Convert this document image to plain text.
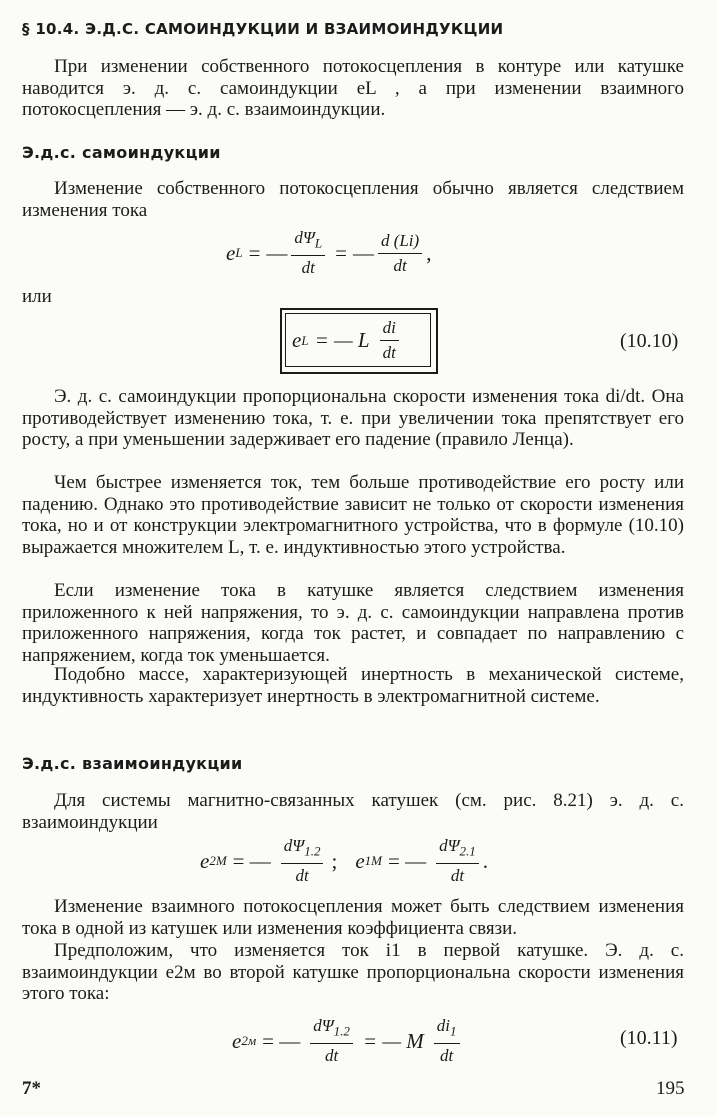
§ 10.4. Э.Д.С. САМОИНДУКЦИИ И ВЗАИМОИНДУКЦИИ
При изменении собственного потокосцепления в контуре или катушке наводится э. д. с. самоиндукции eL , а при изменении взаимного потокосцепления — э. д. с. взаимоиндукции.
Э.д.с. самоиндукции
Изменение собственного потокосцепления обычно является следствием изменения тока
e L = — $\frac{d\Psi_L}{dt}$ = — $\frac{d (Li)}{dt}$ ,
или
e L = — L $\frac{di}{dt}$	(10.10)
Э. д. с. самоиндукции пропорциональна скорости изменения тока di/dt. Она противодействует изменению тока, т. е. при увеличении тока препятствует его росту, а при уменьшении задерживает его падение (правило Ленца).
Чем быстрее изменяется ток, тем больше противодействие его росту или падению. Однако это противодействие зависит не только от скорости изменения тока, но и от конструкции электромагнитного устройства, что в формуле (10.10) выражается множителем L, т. е. индуктивностью этого устройства.
Если изменение тока в катушке является следствием изменения приложенного к ней напряжения, то э. д. с. самоиндукции направлена против приложенного напряжения, когда ток растет, и совпадает по направлению с напряжением, когда ток уменьшается.
Подобно массе, характеризующей инертность в механической системе, индуктивность характеризует инертность в электромагнитной системе.
Э.д.с. взаимоиндукции
Для системы магнитно-связанных катушек (см. рис. 8.21) э. д. с. взаимоиндукции
e 2М = — $\frac{d\Psi_{1.2}}{dt}$ ; e 1М = — $\frac{d\Psi_{2.1}}{dt}$ .
Изменение взаимного потокосцепления может быть следствием изменения тока в одной из катушек или изменения коэффициента связи.
Предположим, что изменяется ток i1 в первой катушке. Э. д. с. взаимоиндукции e2м во второй катушке пропорциональна скорости изменения этого тока:
e 2м = — $\frac{d\Psi_{1.2}}{dt}$ = — M $\frac{di_1}{dt}$	(10.11)
7*	195
